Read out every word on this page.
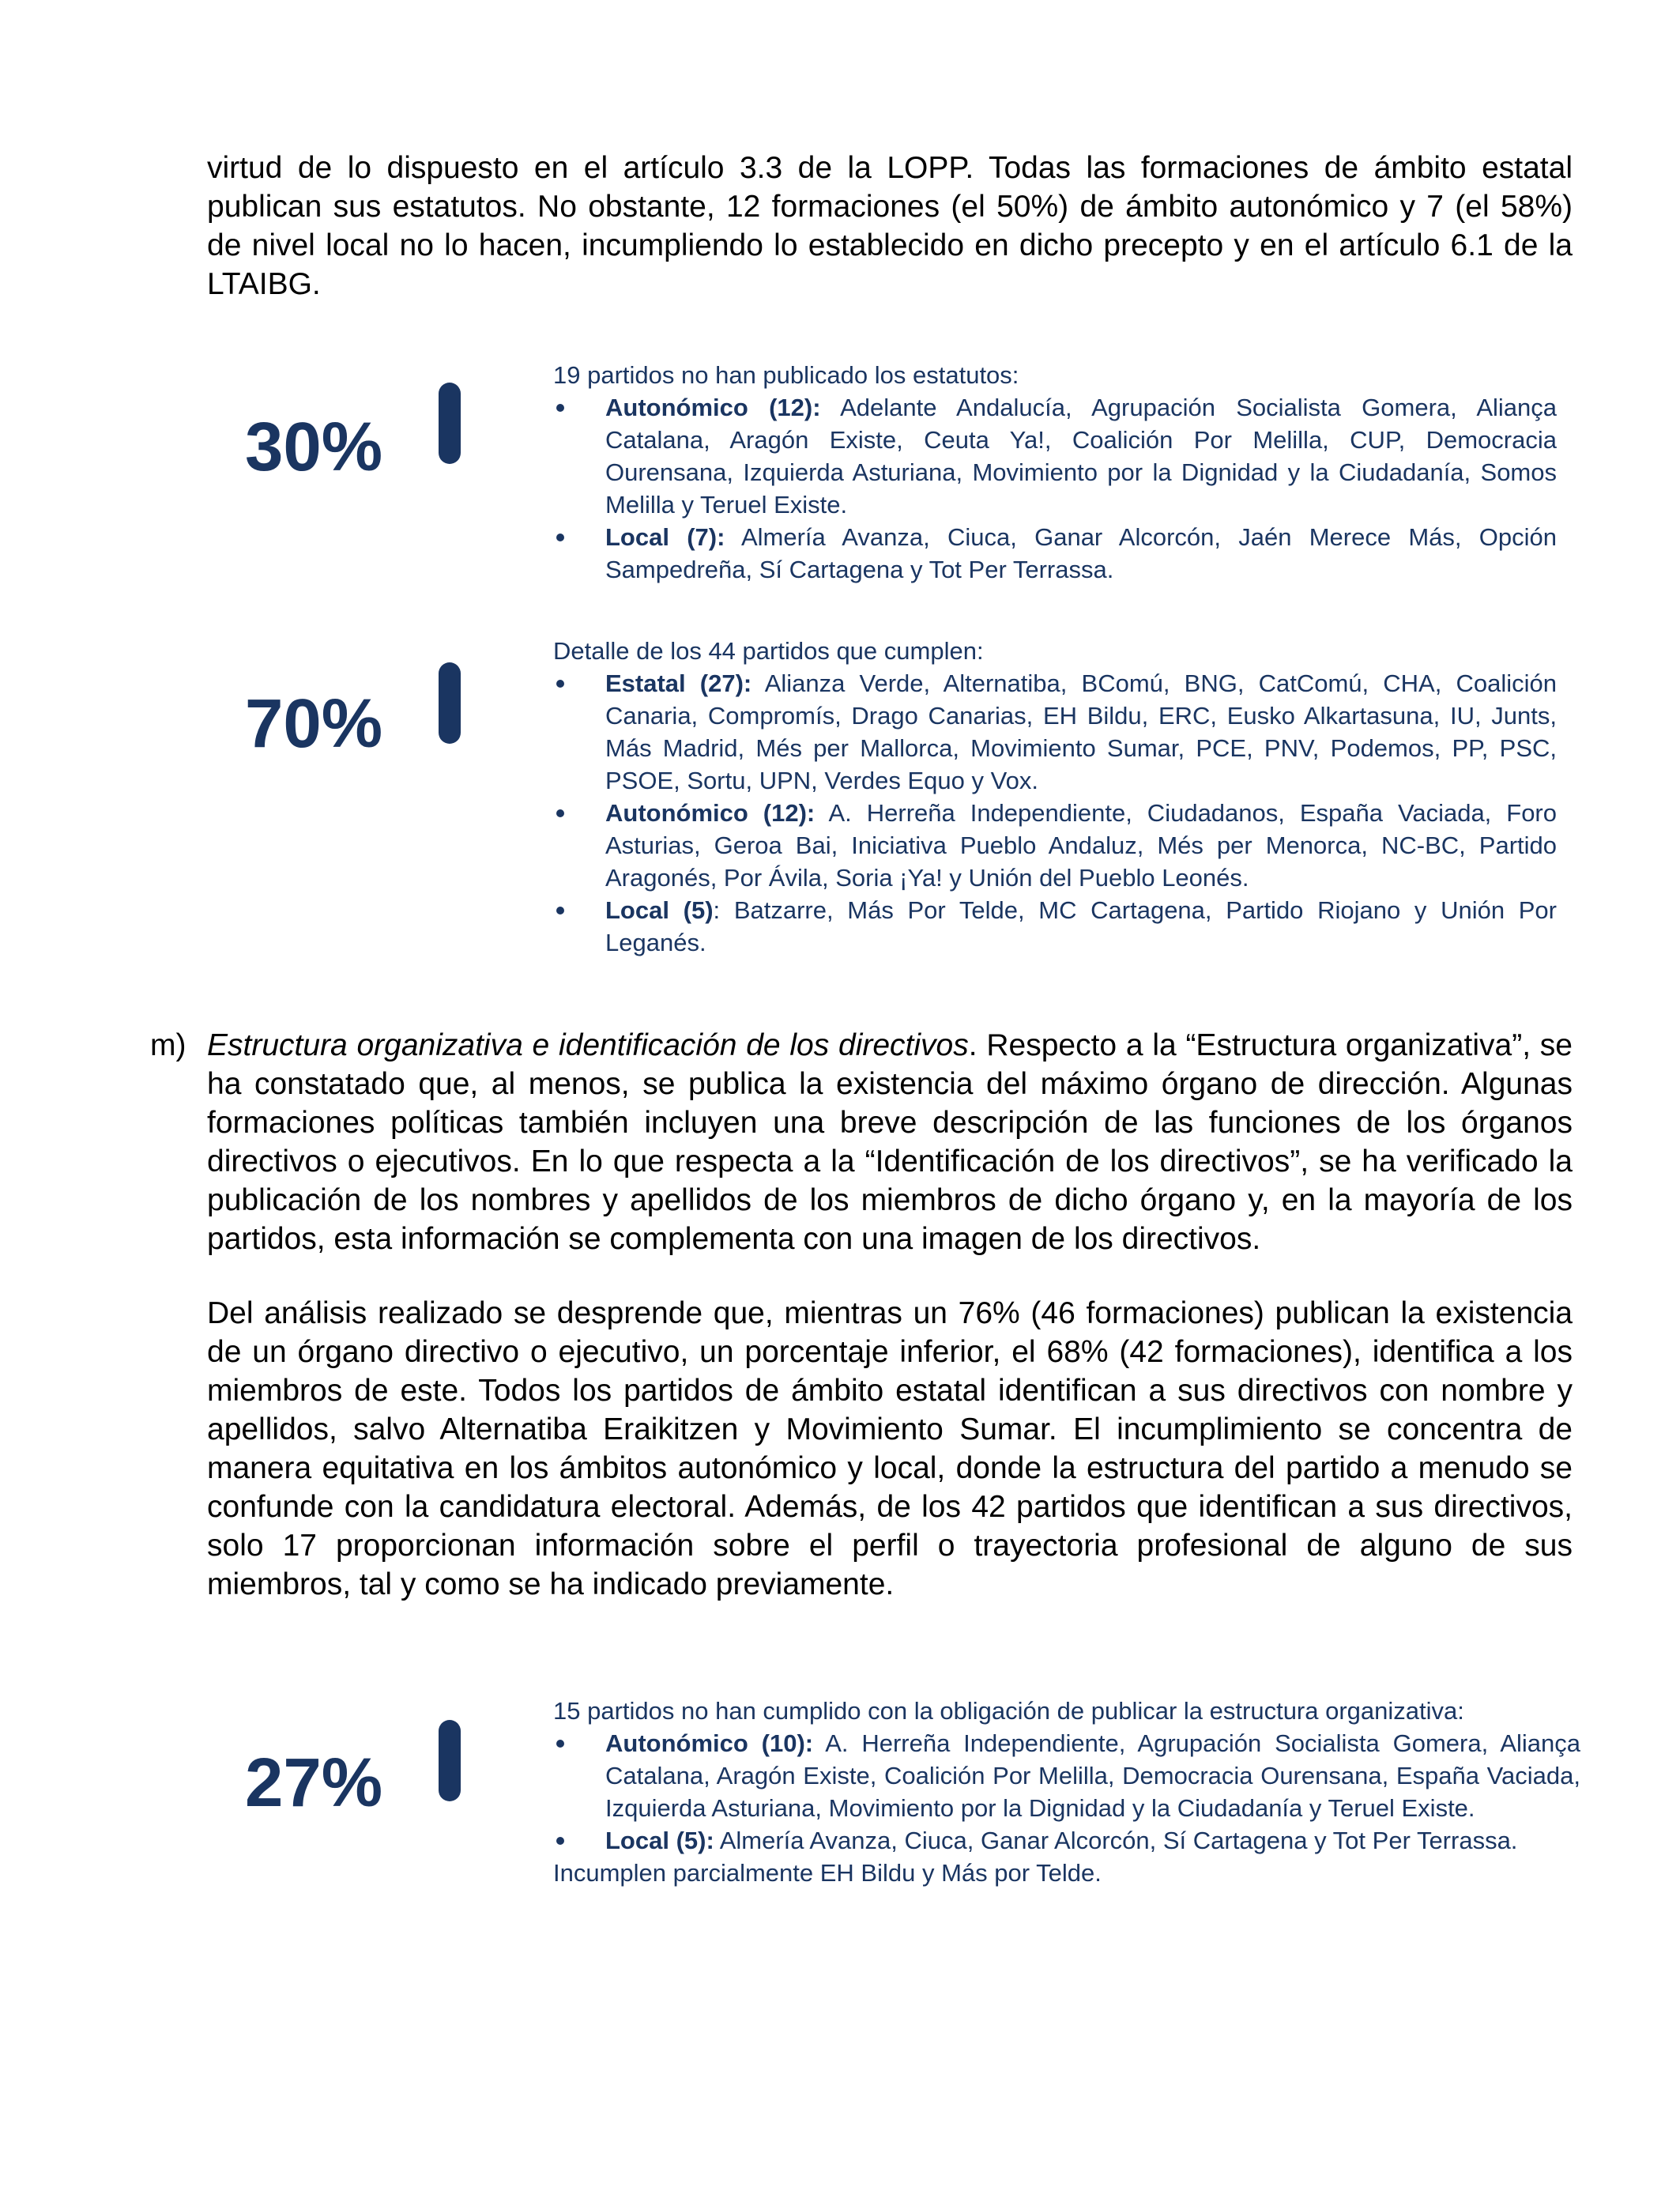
virtud de lo dispuesto en el artículo 3.3 de la LOPP. Todas las formaciones de ámbito estatal publican sus estatutos. No obstante, 12 formaciones (el 50%) de ámbito autonómico y 7 (el 58%) de nivel local no lo hacen, incumpliendo lo establecido en dicho precepto y en el artículo 6.1 de la LTAIBG.

30%

19 partidos no han publicado los estatutos:

Autonómico (12): Adelante Andalucía, Agrupación Socialista Gomera, Aliança Catalana, Aragón Existe, Ceuta Ya!, Coalición Por Melilla, CUP, Democracia Ourensana, Izquierda Asturiana, Movimiento por la Dignidad y la Ciudadanía, Somos Melilla y Teruel Existe.
Local (7): Almería Avanza, Ciuca, Ganar Alcorcón, Jaén Merece Más, Opción Sampedreña, Sí Cartagena y Tot Per Terrassa.
70%

Detalle de los 44 partidos que cumplen:

Estatal (27): Alianza Verde, Alternatiba, BComú, BNG, CatComú, CHA, Coalición Canaria, Compromís, Drago Canarias, EH Bildu, ERC, Eusko Alkartasuna, IU, Junts, Más Madrid, Més per Mallorca, Movimiento Sumar, PCE, PNV, Podemos, PP, PSC, PSOE, Sortu, UPN, Verdes Equo y Vox.
Autonómico (12): A. Herreña Independiente, Ciudadanos, España Vaciada, Foro Asturias, Geroa Bai, Iniciativa Pueblo Andaluz, Més per Menorca, NC-BC, Partido Aragonés, Por Ávila, Soria ¡Ya! y Unión del Pueblo Leonés.
Local (5): Batzarre, Más Por Telde, MC Cartagena, Partido Riojano y Unión Por Leganés.
m) Estructura organizativa e identificación de los directivos. Respecto a la “Estructura organizativa”, se ha constatado que, al menos, se publica la existencia del máximo órgano de dirección. Algunas formaciones políticas también incluyen una breve descripción de las funciones de los órganos directivos o ejecutivos. En lo que respecta a la “Identificación de los directivos”, se ha verificado la publicación de los nombres y apellidos de los miembros de dicho órgano y, en la mayoría de los partidos, esta información se complementa con una imagen de los directivos.

Del análisis realizado se desprende que, mientras un 76% (46 formaciones) publican la existencia de un órgano directivo o ejecutivo, un porcentaje inferior, el 68% (42 formaciones), identifica a los miembros de este. Todos los partidos de ámbito estatal identifican a sus directivos con nombre y apellidos, salvo Alternatiba Eraikitzen y Movimiento Sumar. El incumplimiento se concentra de manera equitativa en los ámbitos autonómico y local, donde la estructura del partido a menudo se confunde con la candidatura electoral. Además, de los 42 partidos que identifican a sus directivos, solo 17 proporcionan información sobre el perfil o trayectoria profesional de alguno de sus miembros, tal y como se ha indicado previamente.

27%

15 partidos no han cumplido con la obligación de publicar la estructura organizativa:

Autonómico (10): A. Herreña Independiente, Agrupación Socialista Gomera, Aliança Catalana, Aragón Existe, Coalición Por Melilla, Democracia Ourensana, España Vaciada, Izquierda Asturiana, Movimiento por la Dignidad y la Ciudadanía y Teruel Existe.
Local (5): Almería Avanza, Ciuca, Ganar Alcorcón, Sí Cartagena y Tot Per Terrassa.

Incumplen parcialmente EH Bildu y Más por Telde.
